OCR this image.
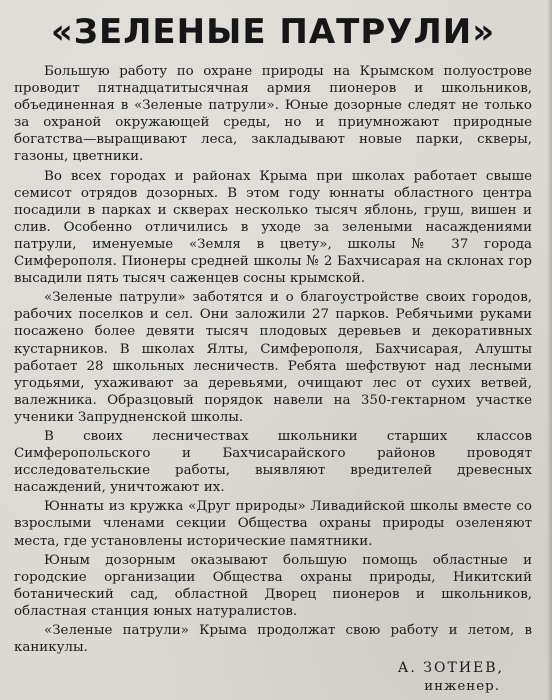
«ЗЕЛЕНЫЕ ПАТРУЛИ»

Большую работу по охране природы на Крымском полуострове проводит пятнадцатитысячная армия пионеров и школьников, объединенная в «Зеленые патрули». Юные дозорные следят не только за охраной окружающей среды, но и приумножают природные богатства—выращивают леса, закладывают новые парки, скверы, газоны, цветники.

Во всех городах и районах Крыма при школах работает свыше семисот отрядов дозорных. В этом году юннаты областного центра посадили в парках и скверах несколько тысяч яблонь, груш, вишен и слив. Особенно отличились в уходе за зелеными насаждениями патрули, именуемые «Земля в цвету», школы № 37 города Симферополя. Пионеры средней школы № 2 Бахчисарая на склонах гор высадили пять тысяч саженцев сосны крымской.

«Зеленые патрули» заботятся и о благоустройстве своих городов, рабочих поселков и сел. Они заложили 27 парков. Ребячьими руками посажено более девяти тысяч плодовых деревьев и декоративных кустарников. В школах Ялты, Симферополя, Бахчисарая, Алушты работает 28 школьных лесничеств. Ребята шефствуют над лесными угодьями, ухаживают за деревьями, очищают лес от сухих ветвей, валежника. Образцовый порядок навели на 350-гектарном участке ученики Запрудненской школы.

В своих лесничествах школьники старших классов Симферопольского и Бахчисарайского районов проводят исследовательские работы, выявляют вредителей древесных насаждений, уничтожают их.

Юннаты из кружка «Друг природы» Ливадийской школы вместе со взрослыми членами секции Общества охраны природы озеленяют места, где установлены исторические памятники.

Юным дозорным оказывают большую помощь областные и городские организации Общества охраны природы, Никитский ботанический сад, областной Дворец пионеров и школьников, областная станция юных натуралистов.

«Зеленые патрули» Крыма продолжат свою работу и летом, в каникулы.

А. ЗОТИЕВ,
инженер.
